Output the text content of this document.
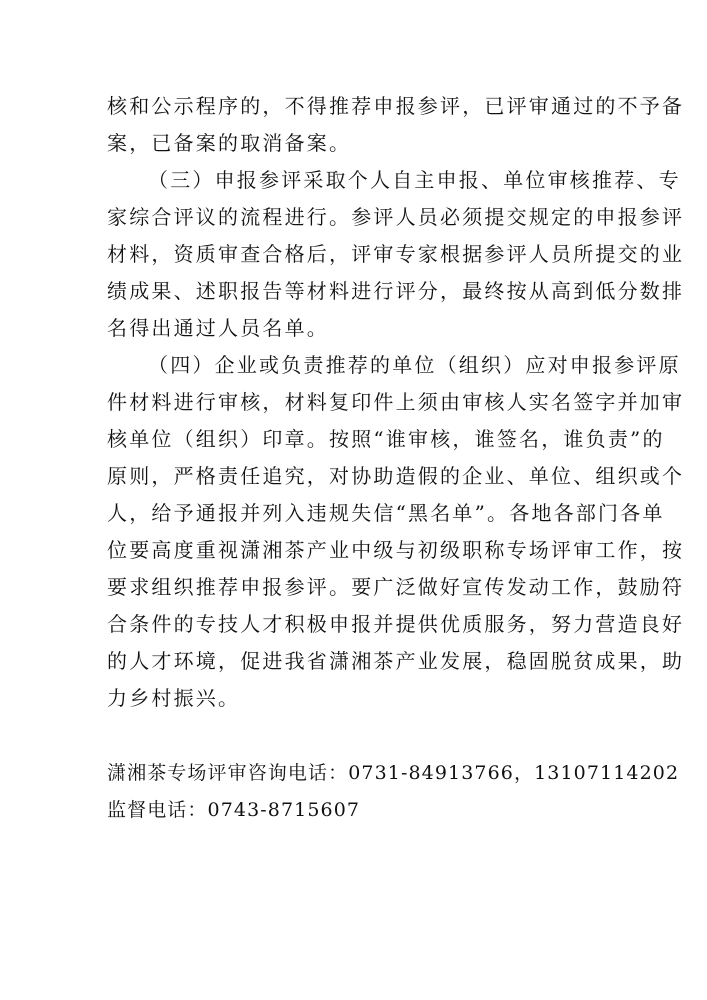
核和公示程序的，不得推荐申报参评，已评审通过的不予备
案，已备案的取消备案。
（三）申报参评采取个人自主申报、单位审核推荐、专
家综合评议的流程进行。参评人员必须提交规定的申报参评
材料，资质审查合格后，评审专家根据参评人员所提交的业
绩成果、述职报告等材料进行评分，最终按从高到低分数排
名得出通过人员名单。
（四）企业或负责推荐的单位（组织）应对申报参评原
件材料进行审核，材料复印件上须由审核人实名签字并加审
核单位（组织）印章。按照“谁审核，谁签名，谁负责”的
原则，严格责任追究，对协助造假的企业、单位、组织或个
人，给予通报并列入违规失信“黑名单”。各地各部门各单
位要高度重视潇湘茶产业中级与初级职称专场评审工作，按
要求组织推荐申报参评。要广泛做好宣传发动工作，鼓励符
合条件的专技人才积极申报并提供优质服务，努力营造良好
的人才环境，促进我省潇湘茶产业发展，稳固脱贫成果，助
力乡村振兴。
潇湘茶专场评审咨询电话：0731-84913766，13107114202
监督电话：0743-8715607
